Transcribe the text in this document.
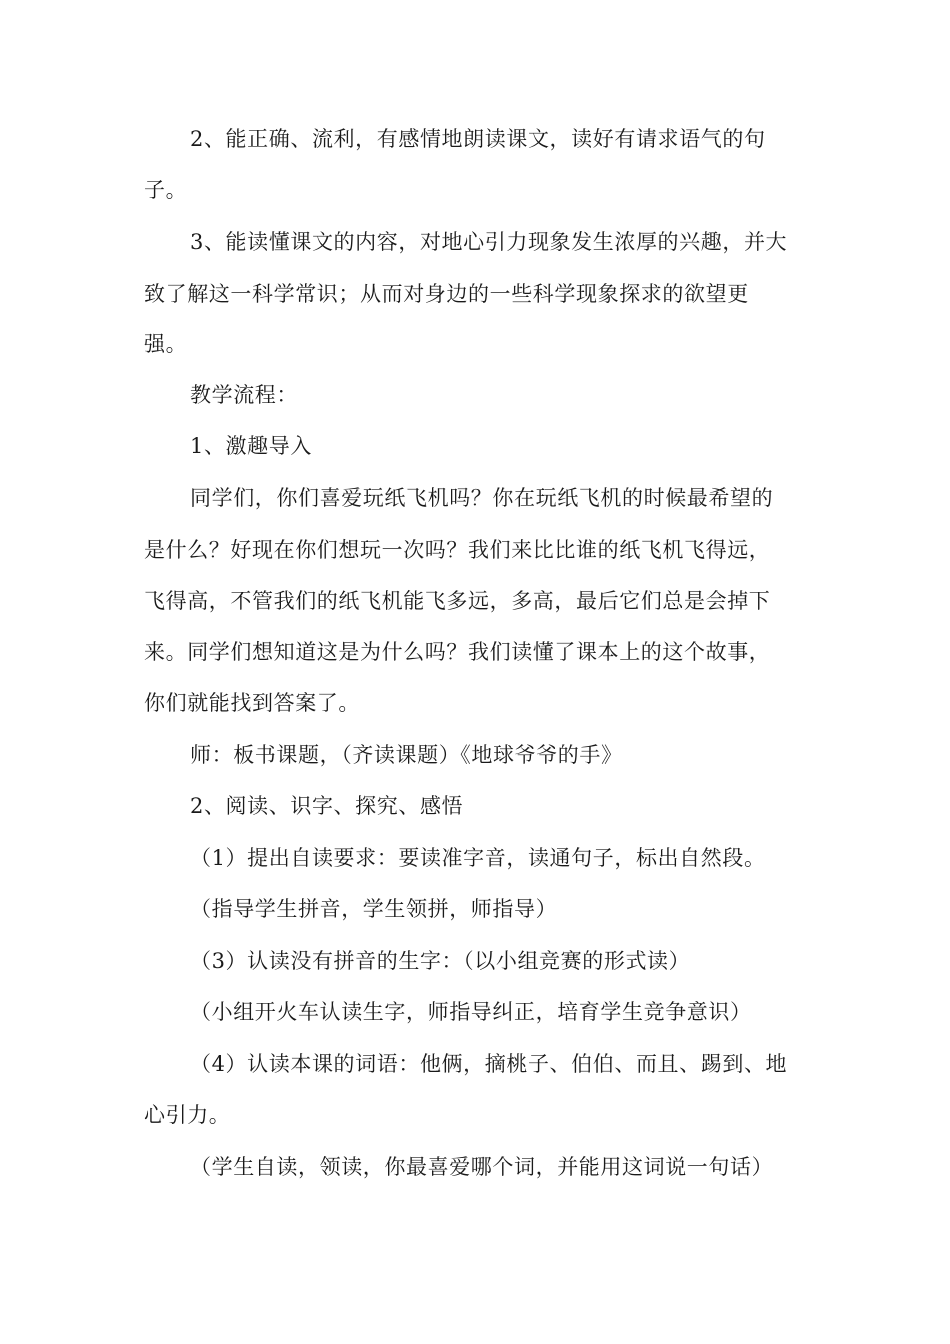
2、能正确、流利，有感情地朗读课文，读好有请求语气的句
子。
3、能读懂课文的内容，对地心引力现象发生浓厚的兴趣，并大
致了解这一科学常识；从而对身边的一些科学现象探求的欲望更
强。
教学流程：
1、激趣导入
同学们，你们喜爱玩纸飞机吗？你在玩纸飞机的时候最希望的
是什么？好现在你们想玩一次吗？我们来比比谁的纸飞机飞得远，
飞得高，不管我们的纸飞机能飞多远，多高，最后它们总是会掉下
来。同学们想知道这是为什么吗？我们读懂了课本上的这个故事，
你们就能找到答案了。
师：板书课题，（齐读课题）《地球爷爷的手》
2、阅读、识字、探究、感悟
（1）提出自读要求：要读准字音，读通句子，标出自然段。
（指导学生拼音，学生领拼，师指导）
（3）认读没有拼音的生字：（以小组竞赛的形式读）
（小组开火车认读生字，师指导纠正，培育学生竞争意识）
（4）认读本课的词语：他俩，摘桃子、伯伯、而且、踢到、地
心引力。
（学生自读，领读，你最喜爱哪个词，并能用这词说一句话）
